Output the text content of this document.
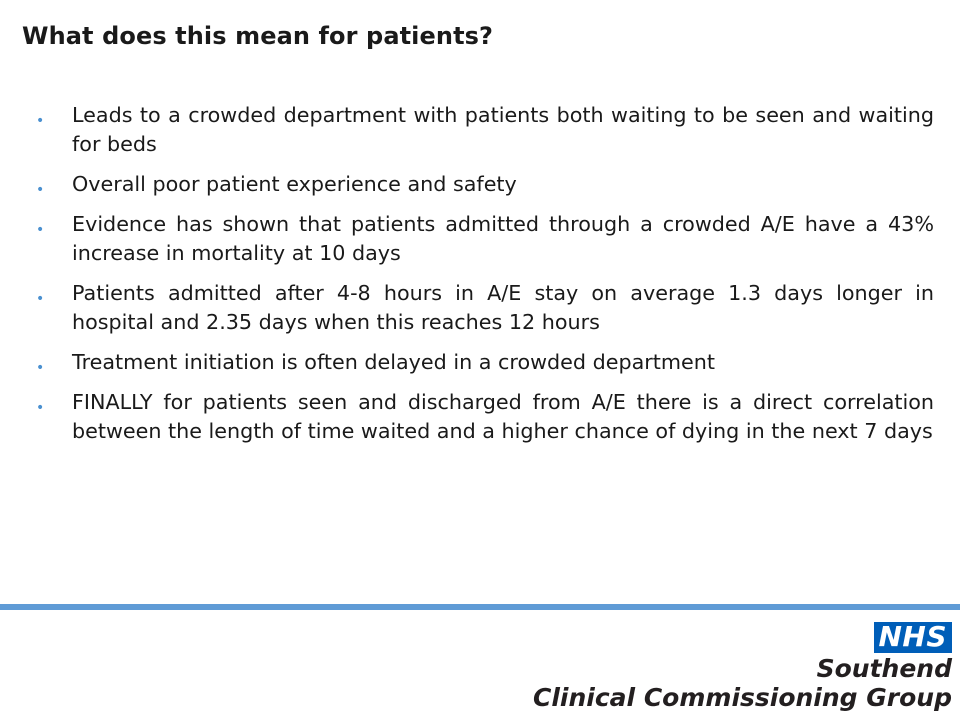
What does this mean for patients?
• Leads to a crowded department with patients both waiting to be seen and waiting for beds
• Overall poor patient experience and safety
• Evidence has shown that patients admitted through a crowded A/E have a 43% increase in mortality at 10 days
• Patients admitted after 4-8 hours in A/E stay on average 1.3 days longer in hospital and 2.35 days when this reaches 12 hours
• Treatment initiation is often delayed in a crowded department
• FINALLY for patients seen and discharged from A/E there is a direct correlation between the length of time waited and a higher chance of dying in the next 7 days
NHS
Southend
Clinical Commissioning Group
